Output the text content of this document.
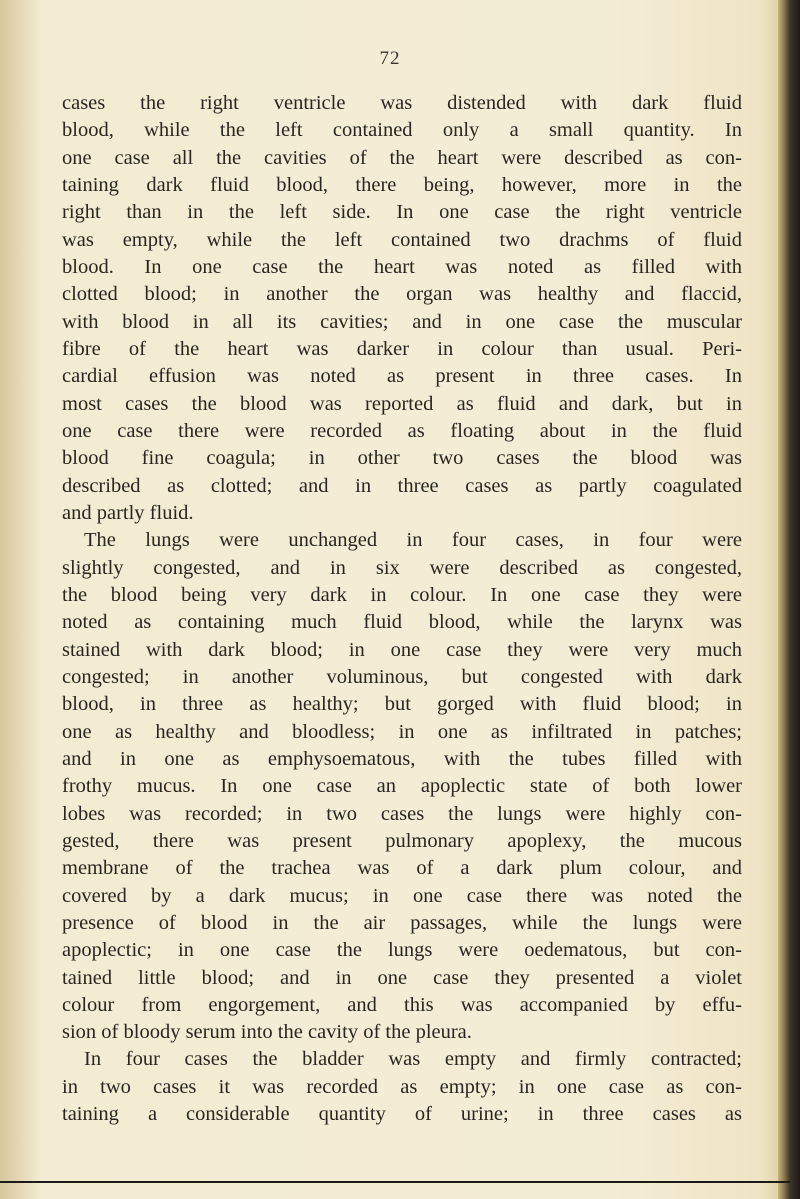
72
cases the right ventricle was distended with dark fluid
blood, while the left contained only a small quantity. In
one case all the cavities of the heart were described as con-
taining dark fluid blood, there being, however, more in the
right than in the left side. In one case the right ventricle
was empty, while the left contained two drachms of fluid
blood. In one case the heart was noted as filled with
clotted blood; in another the organ was healthy and flaccid,
with blood in all its cavities; and in one case the muscular
fibre of the heart was darker in colour than usual. Peri-
cardial effusion was noted as present in three cases. In
most cases the blood was reported as fluid and dark, but in
one case there were recorded as floating about in the fluid
blood fine coagula; in other two cases the blood was
described as clotted; and in three cases as partly coagulated
and partly fluid.
The lungs were unchanged in four cases, in four were
slightly congested, and in six were described as congested,
the blood being very dark in colour. In one case they were
noted as containing much fluid blood, while the larynx was
stained with dark blood; in one case they were very much
congested; in another voluminous, but congested with dark
blood, in three as healthy; but gorged with fluid blood; in
one as healthy and bloodless; in one as infiltrated in patches;
and in one as emphysoematous, with the tubes filled with
frothy mucus. In one case an apoplectic state of both lower
lobes was recorded; in two cases the lungs were highly con-
gested, there was present pulmonary apoplexy, the mucous
membrane of the trachea was of a dark plum colour, and
covered by a dark mucus; in one case there was noted the
presence of blood in the air passages, while the lungs were
apoplectic; in one case the lungs were oedematous, but con-
tained little blood; and in one case they presented a violet
colour from engorgement, and this was accompanied by effu-
sion of bloody serum into the cavity of the pleura.
In four cases the bladder was empty and firmly contracted;
in two cases it was recorded as empty; in one case as con-
taining a considerable quantity of urine; in three cases as
